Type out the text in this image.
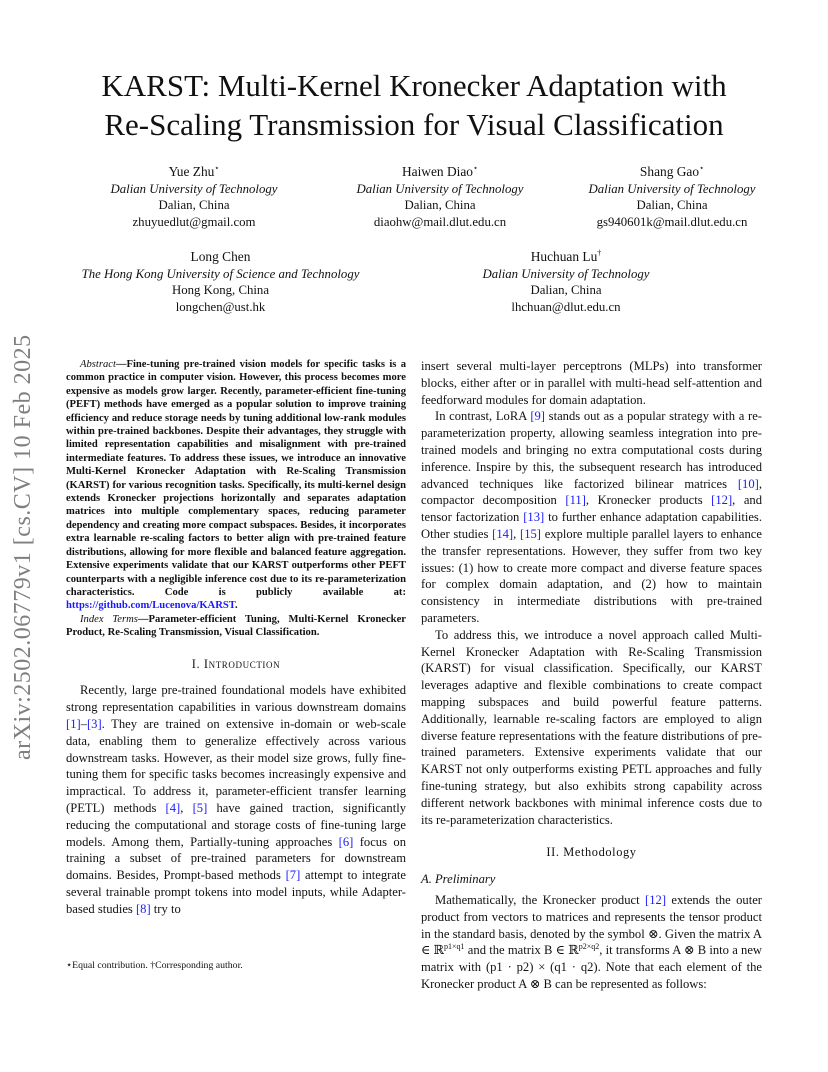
arXiv:2502.06779v1 [cs.CV] 10 Feb 2025
KARST: Multi-Kernel Kronecker Adaptation with
Re-Scaling Transmission for Visual Classification
Yue Zhu⋆
Dalian University of Technology
Dalian, China
zhuyuedlut@gmail.com
Haiwen Diao⋆
Dalian University of Technology
Dalian, China
diaohw@mail.dlut.edu.cn
Shang Gao⋆
Dalian University of Technology
Dalian, China
gs940601k@mail.dlut.edu.cn
Long Chen
The Hong Kong University of Science and Technology
Hong Kong, China
longchen@ust.hk
Huchuan Lu†
Dalian University of Technology
Dalian, China
lhchuan@dlut.edu.cn

Abstract—Fine-tuning pre-trained vision models for specific tasks is a common practice in computer vision. However, this process becomes more expensive as models grow larger. Recently, parameter-efficient fine-tuning (PEFT) methods have emerged as a popular solution to improve training efficiency and reduce storage needs by tuning additional low-rank modules within pre-trained backbones. Despite their advantages, they struggle with limited representation capabilities and misalignment with pre-trained intermediate features. To address these issues, we introduce an innovative Multi-Kernel Kronecker Adaptation with Re-Scaling Transmission (KARST) for various recognition tasks. Specifically, its multi-kernel design extends Kronecker projections horizontally and separates adaptation matrices into multiple complementary spaces, reducing parameter dependency and creating more compact subspaces. Besides, it incorporates extra learnable re-scaling factors to better align with pre-trained feature distributions, allowing for more flexible and balanced feature aggregation. Extensive experiments validate that our KARST outperforms other PEFT counterparts with a negligible inference cost due to its re-parameterization characteristics. Code is publicly available at: https://github.com/Lucenova/KARST.

Index Terms—Parameter-efficient Tuning, Multi-Kernel Kronecker Product, Re-Scaling Transmission, Visual Classification.

I. Introduction

Recently, large pre-trained foundational models have exhibited strong representation capabilities in various downstream domains [1]–[3]. They are trained on extensive in-domain or web-scale data, enabling them to generalize effectively across various downstream tasks. However, as their model size grows, fully fine-tuning them for specific tasks becomes increasingly expensive and impractical. To address it, parameter-efficient transfer learning (PETL) methods [4], [5] have gained traction, significantly reducing the computational and storage costs of fine-tuning large models. Among them, Partially-tuning approaches [6] focus on training a subset of pre-trained parameters for downstream domains. Besides, Prompt-based methods [7] attempt to integrate several trainable prompt tokens into model inputs, while Adapter-based studies [8] try to

⋆Equal contribution. †Corresponding author.

insert several multi-layer perceptrons (MLPs) into transformer blocks, either after or in parallel with multi-head self-attention and feedforward modules for domain adaptation.

In contrast, LoRA [9] stands out as a popular strategy with a re-parameterization property, allowing seamless integration into pre-trained models and bringing no extra computational costs during inference. Inspire by this, the subsequent research has introduced advanced techniques like factorized bilinear matrices [10], compactor decomposition [11], Kronecker products [12], and tensor factorization [13] to further enhance adaptation capabilities. Other studies [14], [15] explore multiple parallel layers to enhance the transfer representations. However, they suffer from two key issues: (1) how to create more compact and diverse feature spaces for complex domain adaptation, and (2) how to maintain consistency in intermediate distributions with pre-trained parameters.

To address this, we introduce a novel approach called Multi-Kernel Kronecker Adaptation with Re-Scaling Transmission (KARST) for visual classification. Specifically, our KARST leverages adaptive and flexible combinations to create compact mapping subspaces and build powerful feature patterns. Additionally, learnable re-scaling factors are employed to align diverse feature representations with the feature distributions of pre-trained parameters. Extensive experiments validate that our KARST not only outperforms existing PETL approaches and fully fine-tuning strategy, but also exhibits strong capability across different network backbones with minimal inference costs due to its re-parameterization characteristics.

II. Methodology
A. Preliminary

Mathematically, the Kronecker product [12] extends the outer product from vectors to matrices and represents the tensor product in the standard basis, denoted by the symbol ⊗. Given the matrix A ∈ ℝ$^{p1\times q1}$ and the matrix B ∈ ℝ$^{p2\times q2}$, it transforms A ⊗ B into a new matrix with (p1 · p2) × (q1 · q2). Note that each element of the Kronecker product A ⊗ B can be represented as follows:
